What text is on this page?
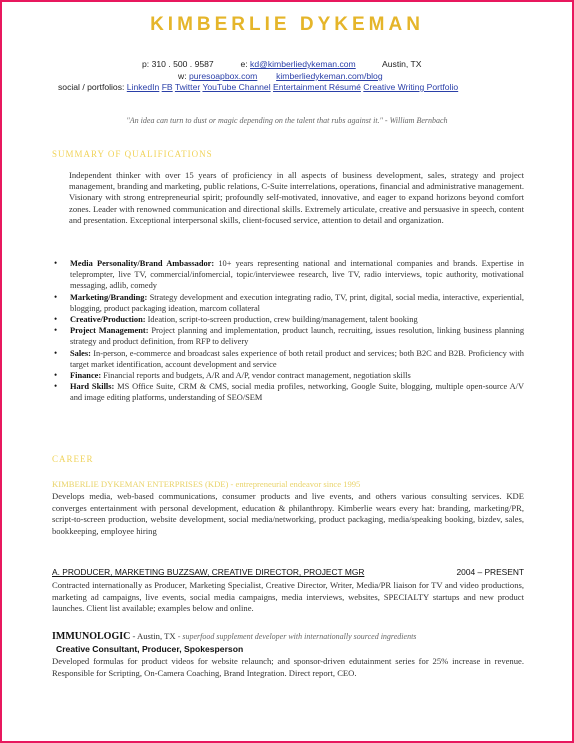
KIMBERLIE DYKEMAN
p: 310 . 500 . 9587	e: kd@kimberliedykeman.com	Austin, TX
w: puresoapbox.com kimberliedykeman.com/blog
social / portfolios: LinkedIn FB Twitter YouTube Channel Entertainment Résumé Creative Writing Portfolio
"An idea can turn to dust or magic depending on the talent that rubs against it." - William Bernbach
SUMMARY OF QUALIFICATIONS

Independent thinker with over 15 years of proficiency in all aspects of business development, sales, strategy and project management, branding and marketing, public relations, C-Suite interrelations, operations, financial and administrative management. Visionary with strong entrepreneurial spirit; profoundly self-motivated, innovative, and eager to expand horizons beyond comfort zones. Leader with renowned communication and directional skills. Extremely articulate, creative and persuasive in speech, content and presentation. Exceptional interpersonal skills, client-focused service, attention to detail and organization.

• Media Personality/Brand Ambassador: 10+ years representing national and international companies and brands. Expertise in teleprompter, live TV, commercial/infomercial, topic/interviewee research, live TV, radio interviews, topic authority, motivational messaging, adlib, comedy
• Marketing/Branding: Strategy development and execution integrating radio, TV, print, digital, social media, interactive, experiential, blogging, product packaging ideation, marcom collateral
• Creative/Production: Ideation, script-to-screen production, crew building/management, talent booking
• Project Management: Project planning and implementation, product launch, recruiting, issues resolution, linking business planning strategy and product definition, from RFP to delivery
• Sales: In-person, e-commerce and broadcast sales experience of both retail product and services; both B2C and B2B. Proficiency with target market identification, account development and service
• Finance: Financial reports and budgets, A/R and A/P, vendor contract management, negotiation skills
• Hard Skills: MS Office Suite, CRM & CMS, social media profiles, networking, Google Suite, blogging, multiple open-source A/V and image editing platforms, understanding of SEO/SEM
CAREER
KIMBERLIE DYKEMAN ENTERPRISES (KDE) - entrepreneurial endeavor since 1995

Develops media, web-based communications, consumer products and live events, and others various consulting services. KDE converges entertainment with personal development, education & philanthropy. Kimberlie wears every hat: branding, marketing/PR, script-to-screen production, website development, social media/networking, product packaging, media/speaking booking, bizdev, sales, bookkeeping, employee hiring

A. PRODUCER, MARKETING BUZZSAW, CREATIVE DIRECTOR, PROJECT MGR	2004 – PRESENT

Contracted internationally as Producer, Marketing Specialist, Creative Director, Writer, Media/PR liaison for TV and video productions, marketing ad campaigns, live events, social media campaigns, media interviews, websites, SPECIALTY startups and new product launches. Client list available; examples below and online.

IMMUNOLOGIC - Austin, TX - superfood supplement developer with internationally sourced ingredients
Creative Consultant, Producer, Spokesperson

Developed formulas for product videos for website relaunch; and sponsor-driven edutainment series for 25% increase in revenue. Responsible for Scripting, On-Camera Coaching, Brand Integration. Direct report, CEO.
